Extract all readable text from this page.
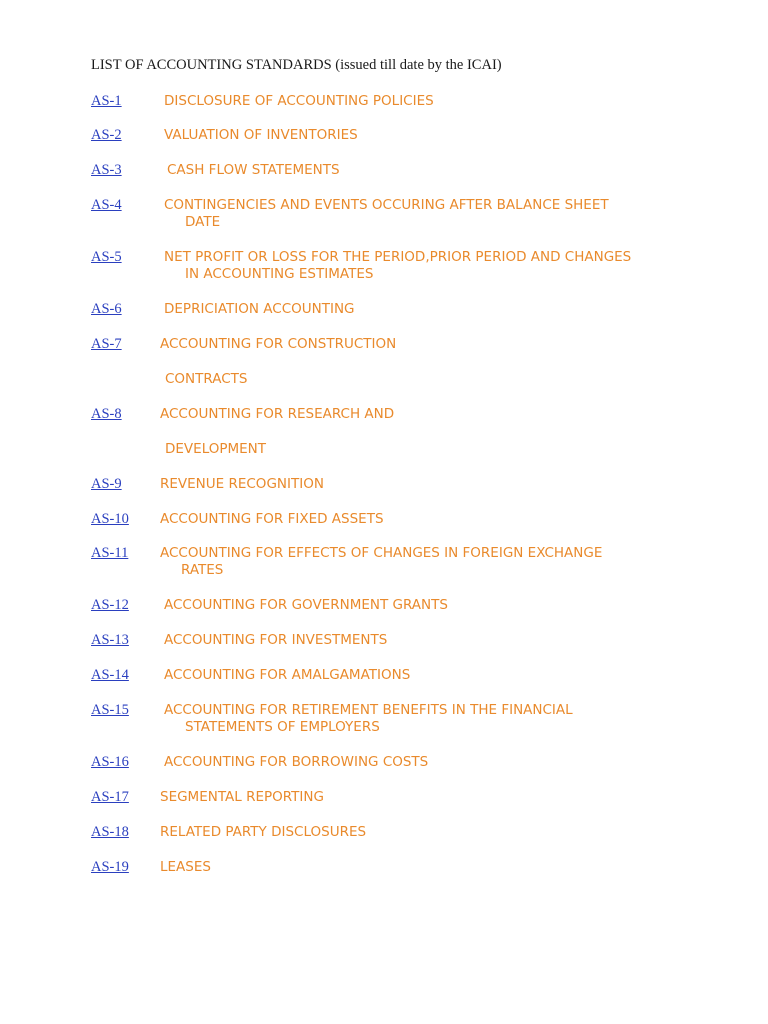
LIST OF ACCOUNTING STANDARDS (issued till date by the ICAI)
AS-1	DISCLOSURE OF ACCOUNTING POLICIES
AS-2	VALUATION OF INVENTORIES
AS-3	CASH FLOW STATEMENTS
AS-4	CONTINGENCIES AND EVENTS OCCURING AFTER BALANCE SHEET
DATE
AS-5	NET PROFIT OR LOSS FOR THE PERIOD,PRIOR PERIOD AND CHANGES
IN ACCOUNTING ESTIMATES
AS-6	DEPRICIATION ACCOUNTING
AS-7	ACCOUNTING FOR CONSTRUCTION
CONTRACTS
AS-8	ACCOUNTING FOR RESEARCH AND
DEVELOPMENT
AS-9	REVENUE RECOGNITION
AS-10 ACCOUNTING FOR FIXED ASSETS
AS-11 ACCOUNTING FOR EFFECTS OF CHANGES IN FOREIGN EXCHANGE
RATES
AS-12	ACCOUNTING FOR GOVERNMENT GRANTS
AS-13	ACCOUNTING FOR INVESTMENTS
AS-14	ACCOUNTING FOR AMALGAMATIONS
AS-15	ACCOUNTING FOR RETIREMENT BENEFITS IN THE FINANCIAL
STATEMENTS OF EMPLOYERS
AS-16	ACCOUNTING FOR BORROWING COSTS
AS-17 SEGMENTAL REPORTING
AS-18 RELATED PARTY DISCLOSURES
AS-19 LEASES
